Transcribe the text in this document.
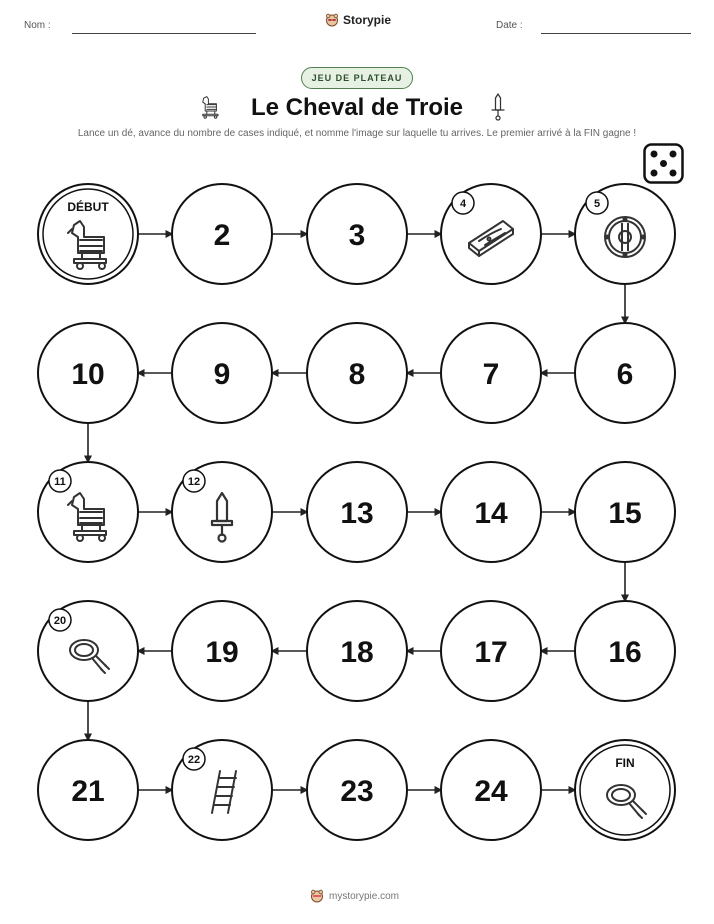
Nom :	Storypie	Date :
JEU DE PLATEAU
Le Cheval de Troie
Lance un dé, avance du nombre de cases indiqué, et nomme l'image sur laquelle tu arrives. Le premier arrivé à la FIN gagne !
DÉBUT
2	3
4	5
6
7
8
9
10
11	12
13	14	15
16
17
18
19
20
21
22
23	24
FIN
mystorypie.com
